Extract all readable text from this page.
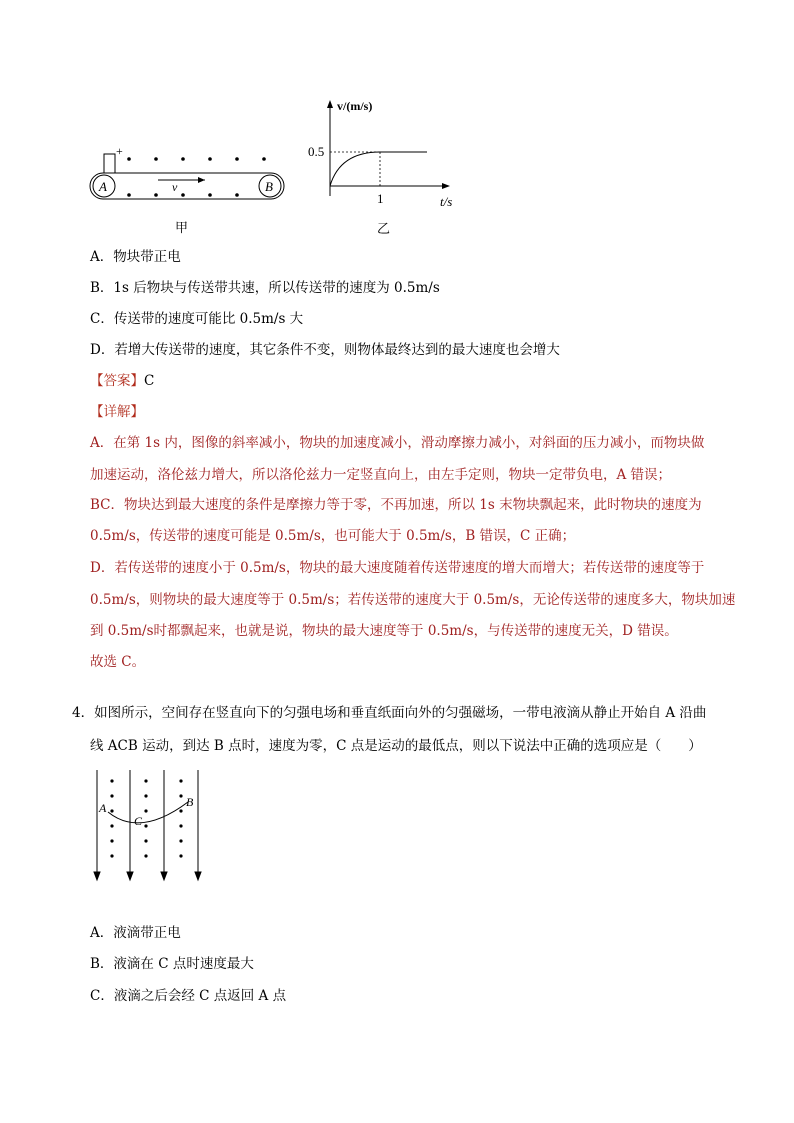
+
v
A	B
甲
v/(m/s)
0.5
1	t/s
乙
A．物块带正电
B．1s 后物块与传送带共速，所以传送带的速度为 0.5m/s
C．传送带的速度可能比 0.5m/s 大
D．若增大传送带的速度，其它条件不变，则物体最终达到的最大速度也会增大
【答案】C
【详解】
A．在第 1s 内，图像的斜率减小，物块的加速度减小，滑动摩擦力减小，对斜面的压力减小，而物块做
加速运动，洛伦兹力增大，所以洛伦兹力一定竖直向上，由左手定则，物块一定带负电，A 错误；
BC．物块达到最大速度的条件是摩擦力等于零，不再加速，所以 1s 末物块飘起来，此时物块的速度为
0.5m/s，传送带的速度可能是 0.5m/s，也可能大于 0.5m/s，B 错误，C 正确；
D．若传送带的速度小于 0.5m/s，物块的最大速度随着传送带速度的增大而增大；若传送带的速度等于
0.5m/s，则物块的最大速度等于 0.5m/s；若传送带的速度大于 0.5m/s，无论传送带的速度多大，物块加速
到 0.5m/s时都飘起来，也就是说，物块的最大速度等于 0.5m/s，与传送带的速度无关，D 错误。
故选 C。
4．如图所示，空间存在竖直向下的匀强电场和垂直纸面向外的匀强磁场，一带电液滴从静止开始自 A 沿曲
线 ACB 运动，到达 B 点时，速度为零，C 点是运动的最低点，则以下说法中正确的选项应是（　　）
A	B
C
A．液滴带正电
B．液滴在 C 点时速度最大
C．液滴之后会经 C 点返回 A 点
